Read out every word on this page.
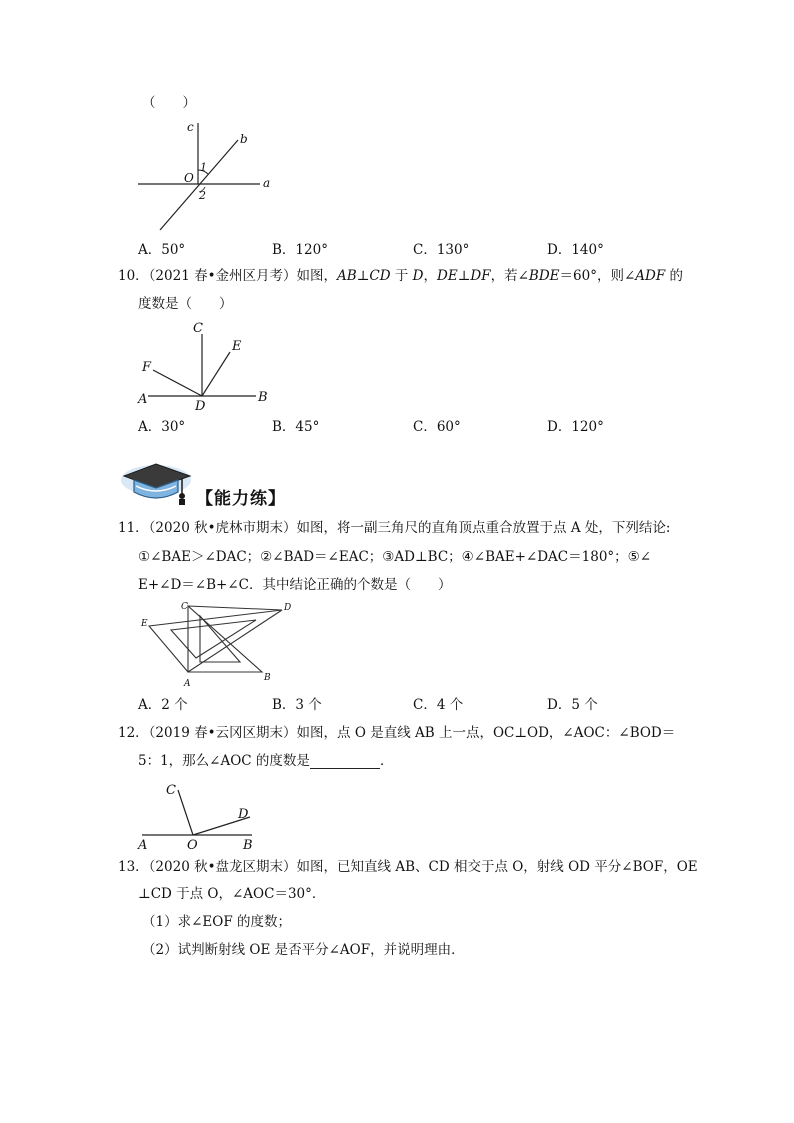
（　　）
c
b
1
O	a
2
A．50°	B．120°	C．130°	D．140°
10．（2021 春•金州区月考）如图，AB⊥CD 于 D，DE⊥DF，若∠BDE＝60°，则∠ADF 的
度数是（　　）
C
E
F
A	D
B
A．30°	B．45°	C．60°	D．120°
【能力练】
11．（2020 秋•虎林市期末）如图，将一副三角尺的直角顶点重合放置于点 A 处，下列结论:
①∠BAE＞∠DAC；②∠BAD＝∠EAC；③AD⊥BC；④∠BAE+∠DAC＝180°；⑤∠
E+∠D＝∠B+∠C．其中结论正确的个数是（　　）
C	D
E
A
B
A．2 个	B．3 个	C．4 个	D．5 个
12．（2019 春•云冈区期末）如图，点 O 是直线 AB 上一点，OC⊥OD，∠AOC：∠BOD＝
5：1，那么∠AOC 的度数是	．
C
D
A	O	B
13．（2020 秋•盘龙区期末）如图，已知直线 AB、CD 相交于点 O，射线 OD 平分∠BOF，OE
⊥CD 于点 O，∠AOC＝30°．
（1）求∠EOF 的度数；
（2）试判断射线 OE 是否平分∠AOF，并说明理由．
